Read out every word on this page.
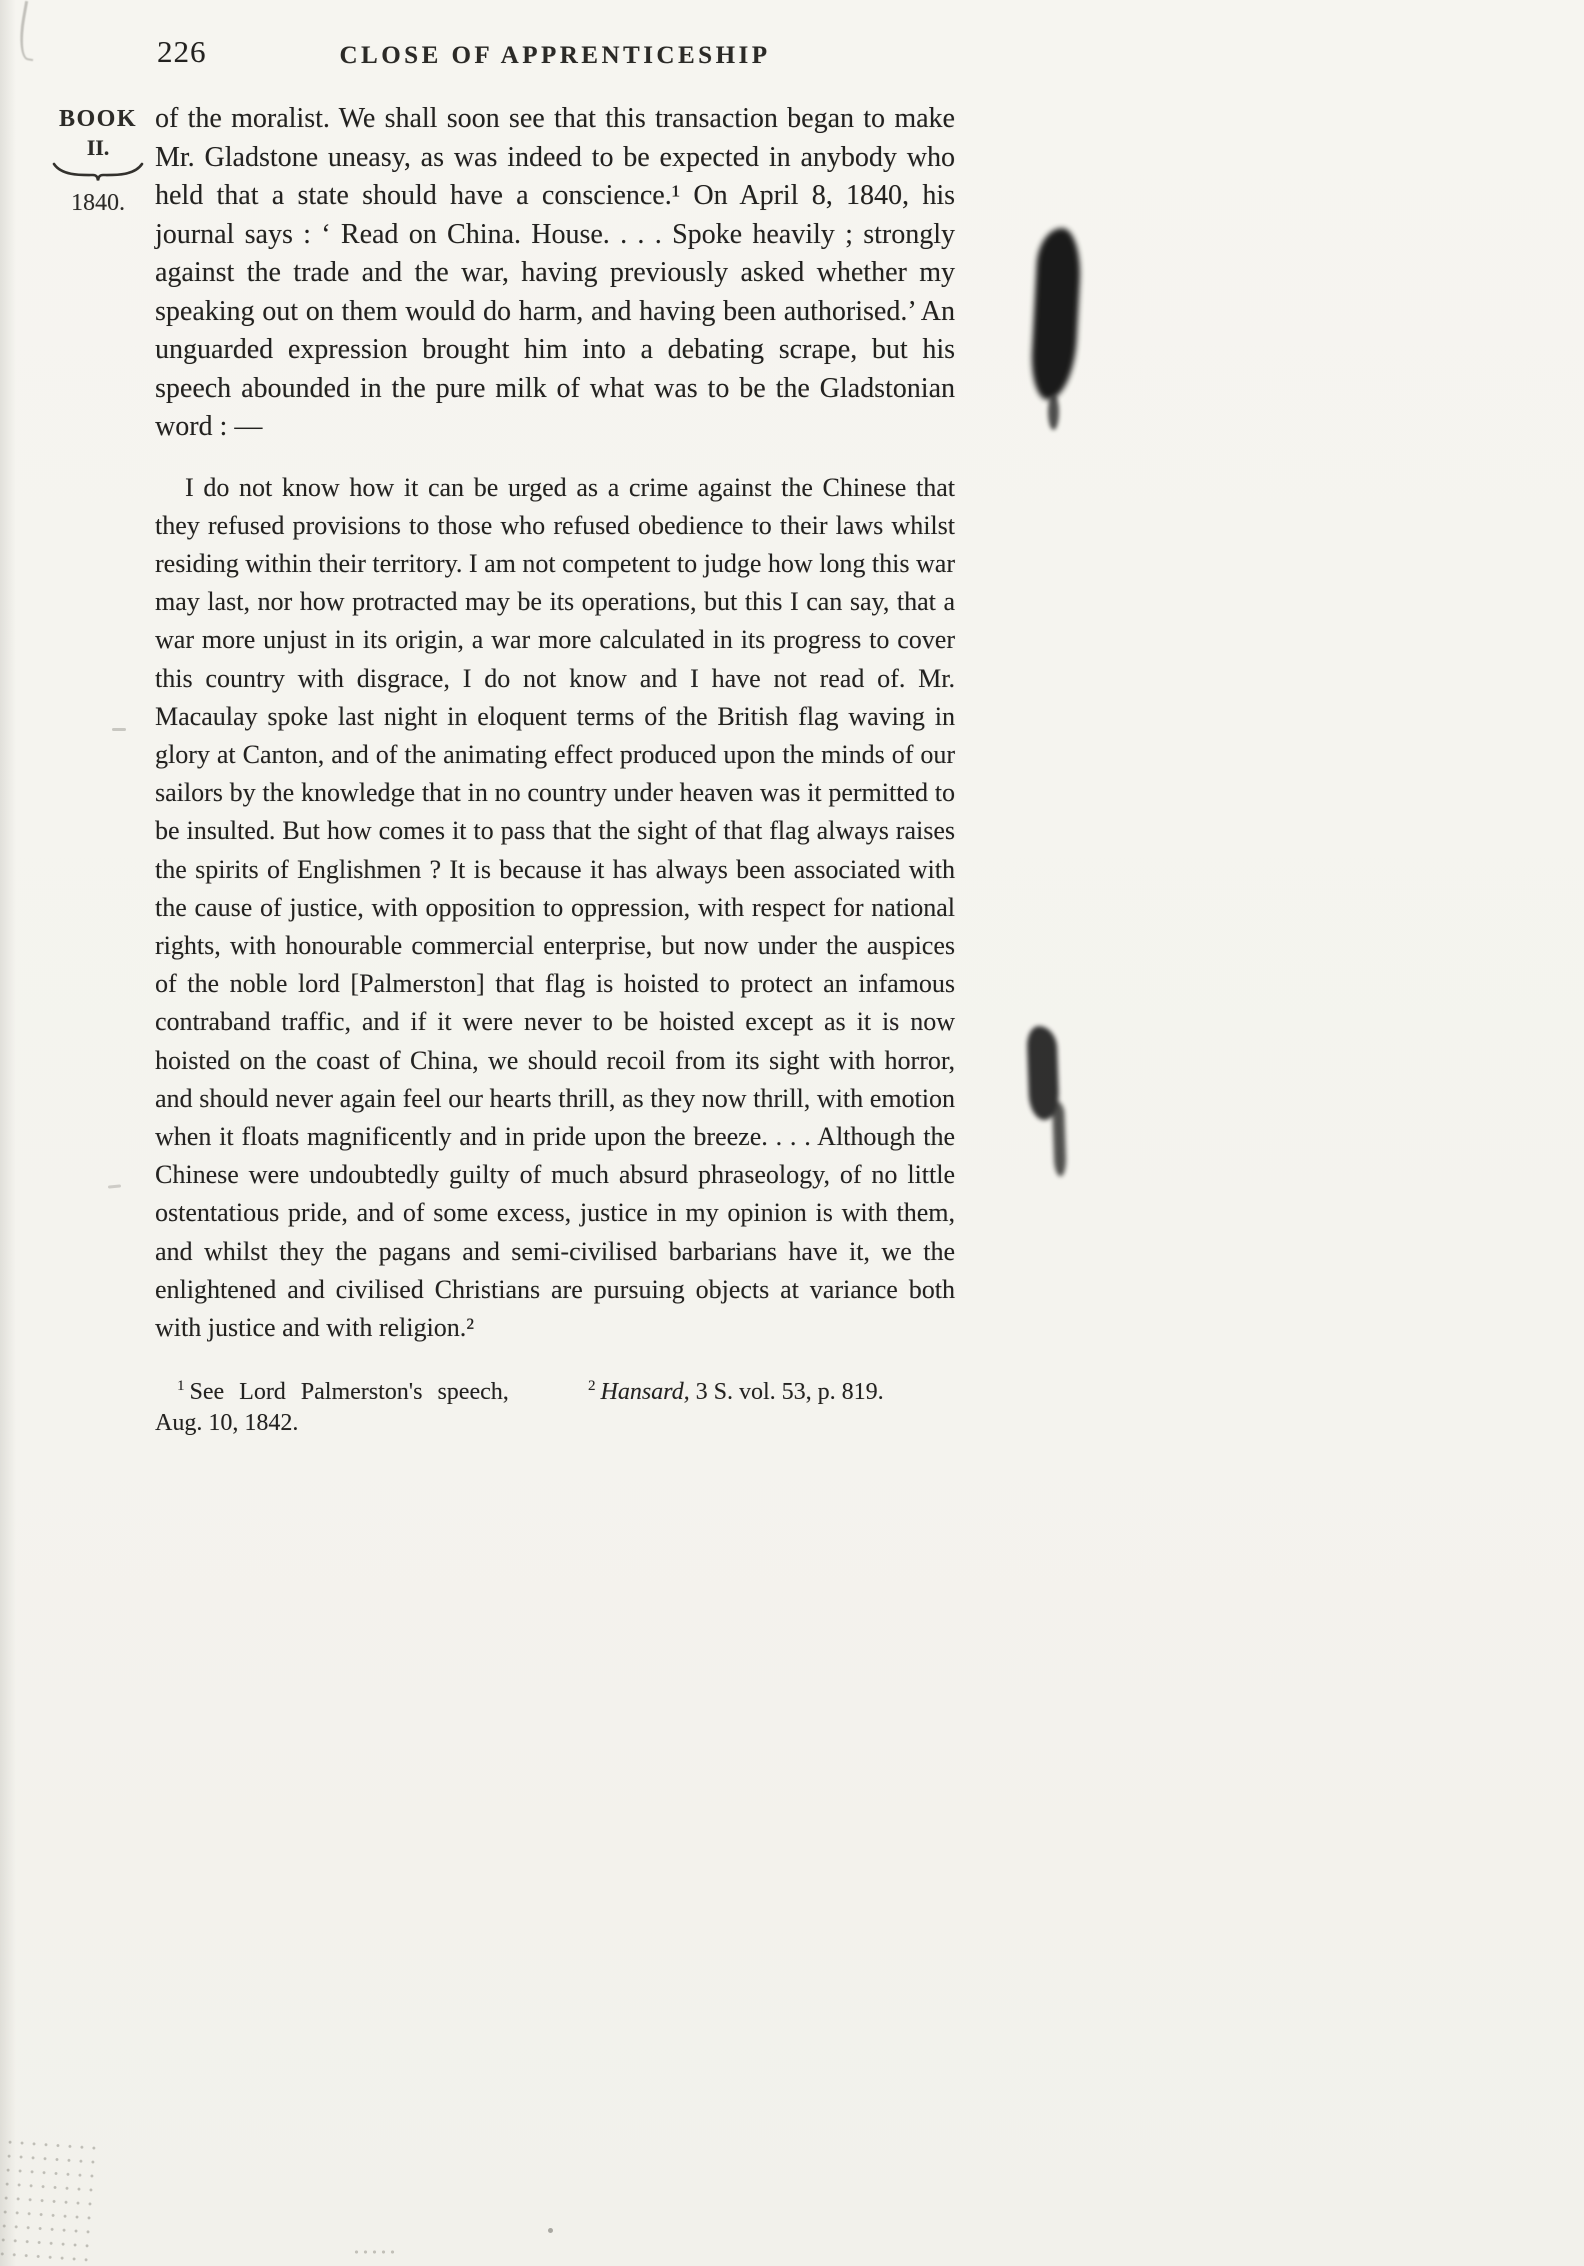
226	CLOSE OF APPRENTICESHIP
BOOK
II.
1840.

of the moralist. We shall soon see that this transaction began to make Mr. Gladstone uneasy, as was indeed to be expected in anybody who held that a state should have a conscience.¹ On April 8, 1840, his journal says : ‘ Read on China. House. . . . Spoke heavily ; strongly against the trade and the war, having previously asked whether my speaking out on them would do harm, and having been authorised.’ An unguarded expression brought him into a debating scrape, but his speech abounded in the pure milk of what was to be the Gladstonian word : —

I do not know how it can be urged as a crime against the Chinese that they refused provisions to those who refused obedience to their laws whilst residing within their territory. I am not competent to judge how long this war may last, nor how protracted may be its operations, but this I can say, that a war more unjust in its origin, a war more calculated in its progress to cover this country with disgrace, I do not know and I have not read of. Mr. Macaulay spoke last night in eloquent terms of the British flag waving in glory at Canton, and of the animating effect produced upon the minds of our sailors by the knowledge that in no country under heaven was it permitted to be insulted. But how comes it to pass that the sight of that flag always raises the spirits of Englishmen ? It is because it has always been associated with the cause of justice, with opposition to oppression, with respect for national rights, with honourable commercial enterprise, but now under the auspices of the noble lord [Palmerston] that flag is hoisted to protect an infamous contraband traffic, and if it were never to be hoisted except as it is now hoisted on the coast of China, we should recoil from its sight with horror, and should never again feel our hearts thrill, as they now thrill, with emotion when it floats magnificently and in pride upon the breeze. . . . Although the Chinese were undoubtedly guilty of much absurd phraseology, of no little ostentatious pride, and of some excess, justice in my opinion is with them, and whilst they the pagans and semi-civilised barbarians have it, we the enlightened and civilised Christians are pursuing objects at variance both with justice and with religion.²

$^1$ See Lord Palmerston's speech,
Aug. 10, 1842.
$^2$ Hansard, 3 S. vol. 53, p. 819.
